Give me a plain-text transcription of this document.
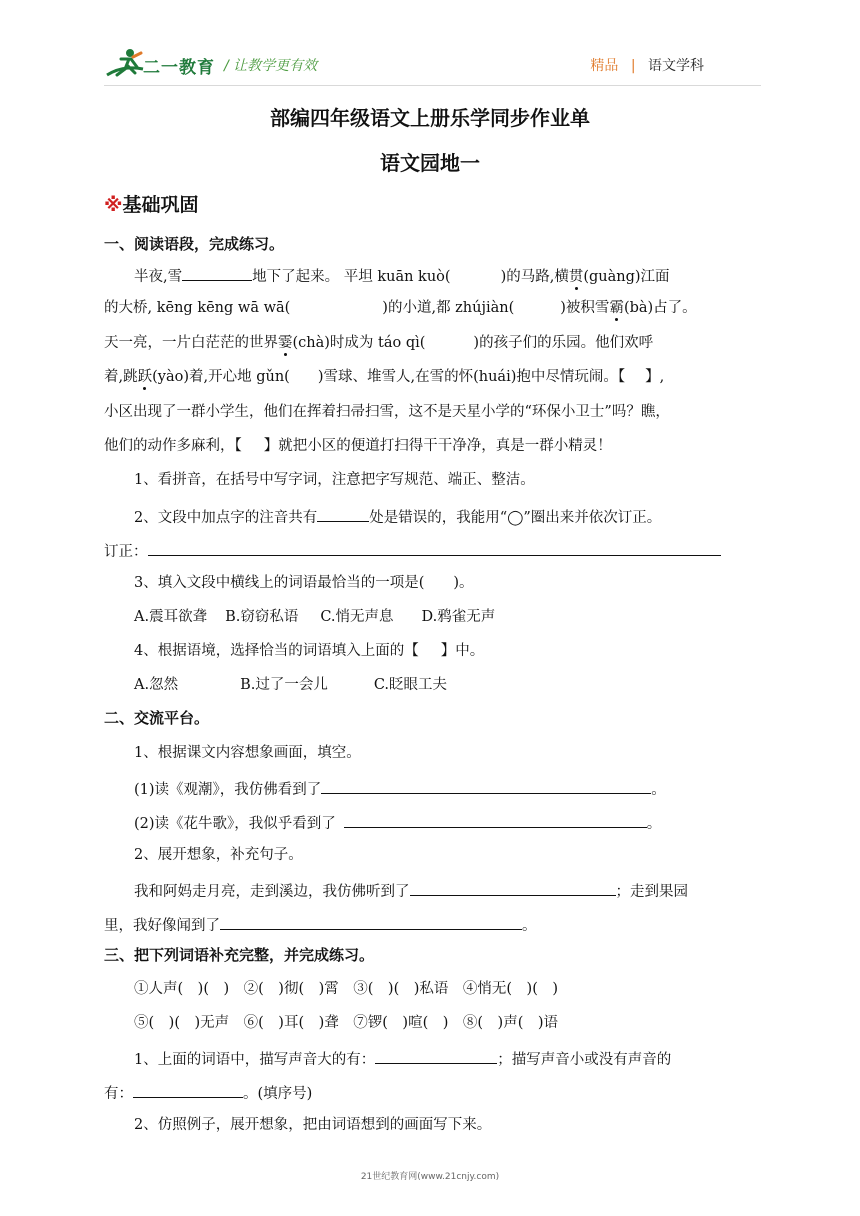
二一教育 / 让教学更有效	精品 | 语文学科
部编四年级语文上册乐学同步作业单
语文园地一
※基础巩固
一、阅读语段，完成练习。
半夜,雪	地下了起来。 平坦 kuān kuò(	)的马路,横贯(guàng)江面
的大桥, kēng kēng wā wā(	)的小道,都 zhújiàn(	)被积雪霸(bà)占了。
天一亮，一片白茫茫的世界霎(chà)时成为 táo qì(	)的孩子们的乐园。他们欢呼
着,跳跃(yào)着,开心地 gǔn( )雪球、堆雪人,在雪的怀(huái)抱中尽情玩闹。【 】,
小区出现了一群小学生，他们在挥着扫帚扫雪，这不是天星小学的“环保小卫士”吗？瞧，
他们的动作多麻利，【 】就把小区的便道打扫得干干净净，真是一群小精灵！
1、看拼音，在括号中写字词，注意把字写规范、端正、整洁。
2、文段中加点字的注音共有	处是错误的，我能用“◯”圈出来并依次订正。
订正：
3、填入文段中横线上的词语最恰当的一项是(　　)。
A.震耳欲聋 B.窃窃私语 C.悄无声息 D.鸦雀无声
4、根据语境，选择恰当的词语填入上面的【 】中。
A.忽然	B.过了一会儿	C.眨眼工夫
二、交流平台。
1、根据课文内容想象画面，填空。
(1)读《观潮》，我仿佛看到了	。
(2)读《花牛歌》，我似乎看到了	。
2、展开想象，补充句子。
我和阿妈走月亮，走到溪边，我仿佛听到了	；走到果园
里，我好像闻到了	。
三、把下列词语补充完整，并完成练习。
①人声(　)(　)　②(　)彻(　)霄　③(　)(　)私语　④悄无(　)(　)
⑤(　)(　)无声　⑥(　)耳(　)聋　⑦锣(　)喧(　)　⑧(　)声(　)语
1、上面的词语中，描写声音大的有：	；描写声音小或没有声音的
有：	。(填序号)
2、仿照例子，展开想象，把由词语想到的画面写下来。
21世纪教育网(www.21cnjy.com)
